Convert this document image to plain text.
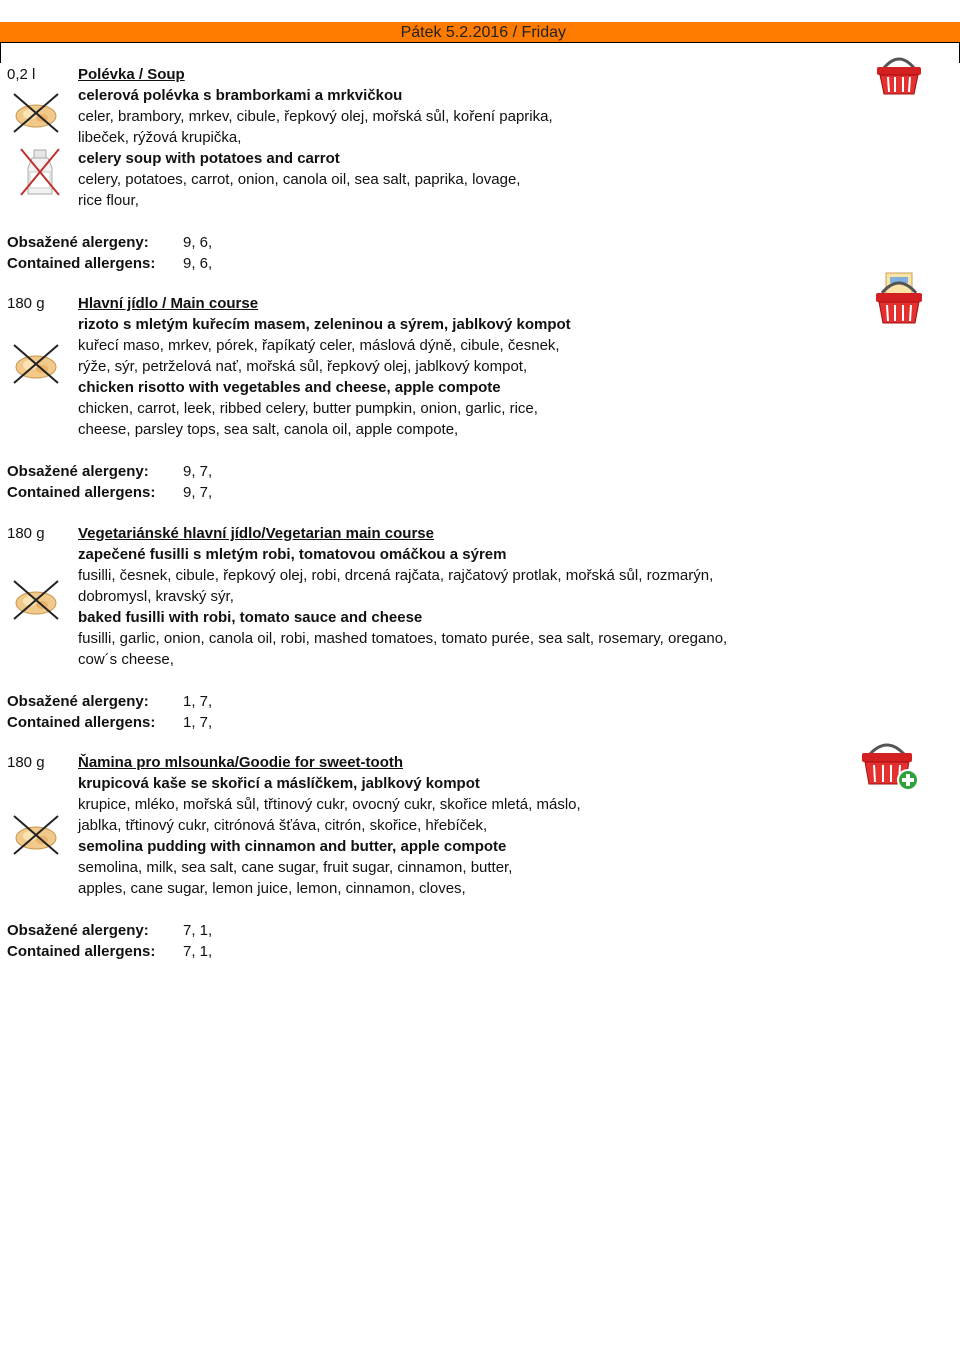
Pátek 5.2.2016 / Friday
0,2 l	Polévka / Soup
celerová polévka s bramborkami a mrkvičkou
celer, brambory, mrkev, cibule, řepkový olej, mořská sůl, koření paprika,
libeček, rýžová krupička,
celery soup with potatoes and carrot
celery, potatoes, carrot, onion, canola oil, sea salt, paprika, lovage,
rice flour,
Obsažené alergeny: 9, 6,
Contained allergens: 9, 6,
180 g Hlavní jídlo / Main course
rizoto s mletým kuřecím masem, zeleninou a sýrem, jablkový kompot
kuřecí maso, mrkev, pórek, řapíkatý celer, máslová dýně, cibule, česnek,
rýže, sýr, petrželová nať, mořská sůl, řepkový olej, jablkový kompot,
chicken risotto with vegetables and cheese, apple compote
chicken, carrot, leek, ribbed celery, butter pumpkin, onion, garlic, rice,
cheese, parsley tops, sea salt, canola oil, apple compote,
Obsažené alergeny: 9, 7,
Contained allergens: 9, 7,
180 g Vegetariánské hlavní jídlo/Vegetarian main course
zapečené fusilli s mletým robi, tomatovou omáčkou a sýrem
fusilli, česnek, cibule, řepkový olej, robi, drcená rajčata, rajčatový protlak, mořská sůl, rozmarýn,
dobromysl, kravský sýr,
baked fusilli with robi, tomato sauce and cheese
fusilli, garlic, onion, canola oil, robi, mashed tomatoes, tomato purée, sea salt, rosemary, oregano,
cow´s cheese,
Obsažené alergeny: 1, 7,
Contained allergens: 1, 7,
180 g Ňamina pro mlsounka/Goodie for sweet-tooth
krupicová kaše se skořicí a máslíčkem, jablkový kompot
krupice, mléko, mořská sůl, třtinový cukr, ovocný cukr, skořice mletá, máslo,
jablka, třtinový cukr, citrónová šťáva, citrón, skořice, hřebíček,
semolina pudding with cinnamon and butter, apple compote
semolina, milk, sea salt, cane sugar, fruit sugar, cinnamon, butter,
apples, cane sugar, lemon juice, lemon, cinnamon, cloves,
Obsažené alergeny: 7, 1,
Contained allergens: 7, 1,
